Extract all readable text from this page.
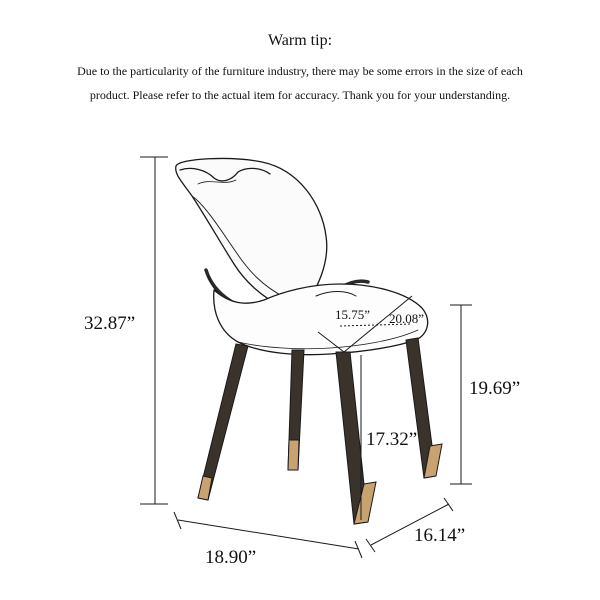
Warm tip:
Due to the particularity of the furniture industry, there may be some errors in the size of each
product. Please refer to the actual item for accuracy. Thank you for your understanding.
32.87”	15.75” 20.08”
19.69”
17.32”
18.90”
16.14”
